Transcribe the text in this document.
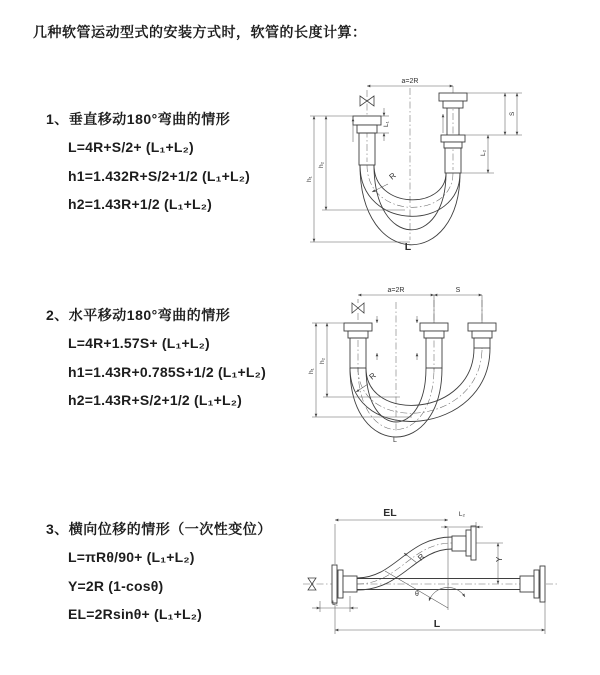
几种软管运动型式的安装方式时，软管的长度计算：
1、垂直移动180°弯曲的情形
L=4R+S/2+ (L₁+L₂)
h1=1.432R+S/2+1/2 (L₁+L₂)
h2=1.43R+1/2 (L₁+L₂)
a=2R
R
h₁
h₂
L₁
S
L₂
L
2、水平移动180°弯曲的情形
L=4R+1.57S+ (L₁+L₂)
h1=1.43R+0.785S+1/2 (L₁+L₂)
h2=1.43R+S/2+1/2 (L₁+L₂)
a=2R	S
h₁
h₂
R
L
3、横向位移的情形（一次性变位）
L=πRθ/90+ (L₁+L₂)
Y=2R (1-cosθ)
EL=2Rsinθ+ (L₁+L₂)
θ
EL	L₂
Y
R
L
L₁
